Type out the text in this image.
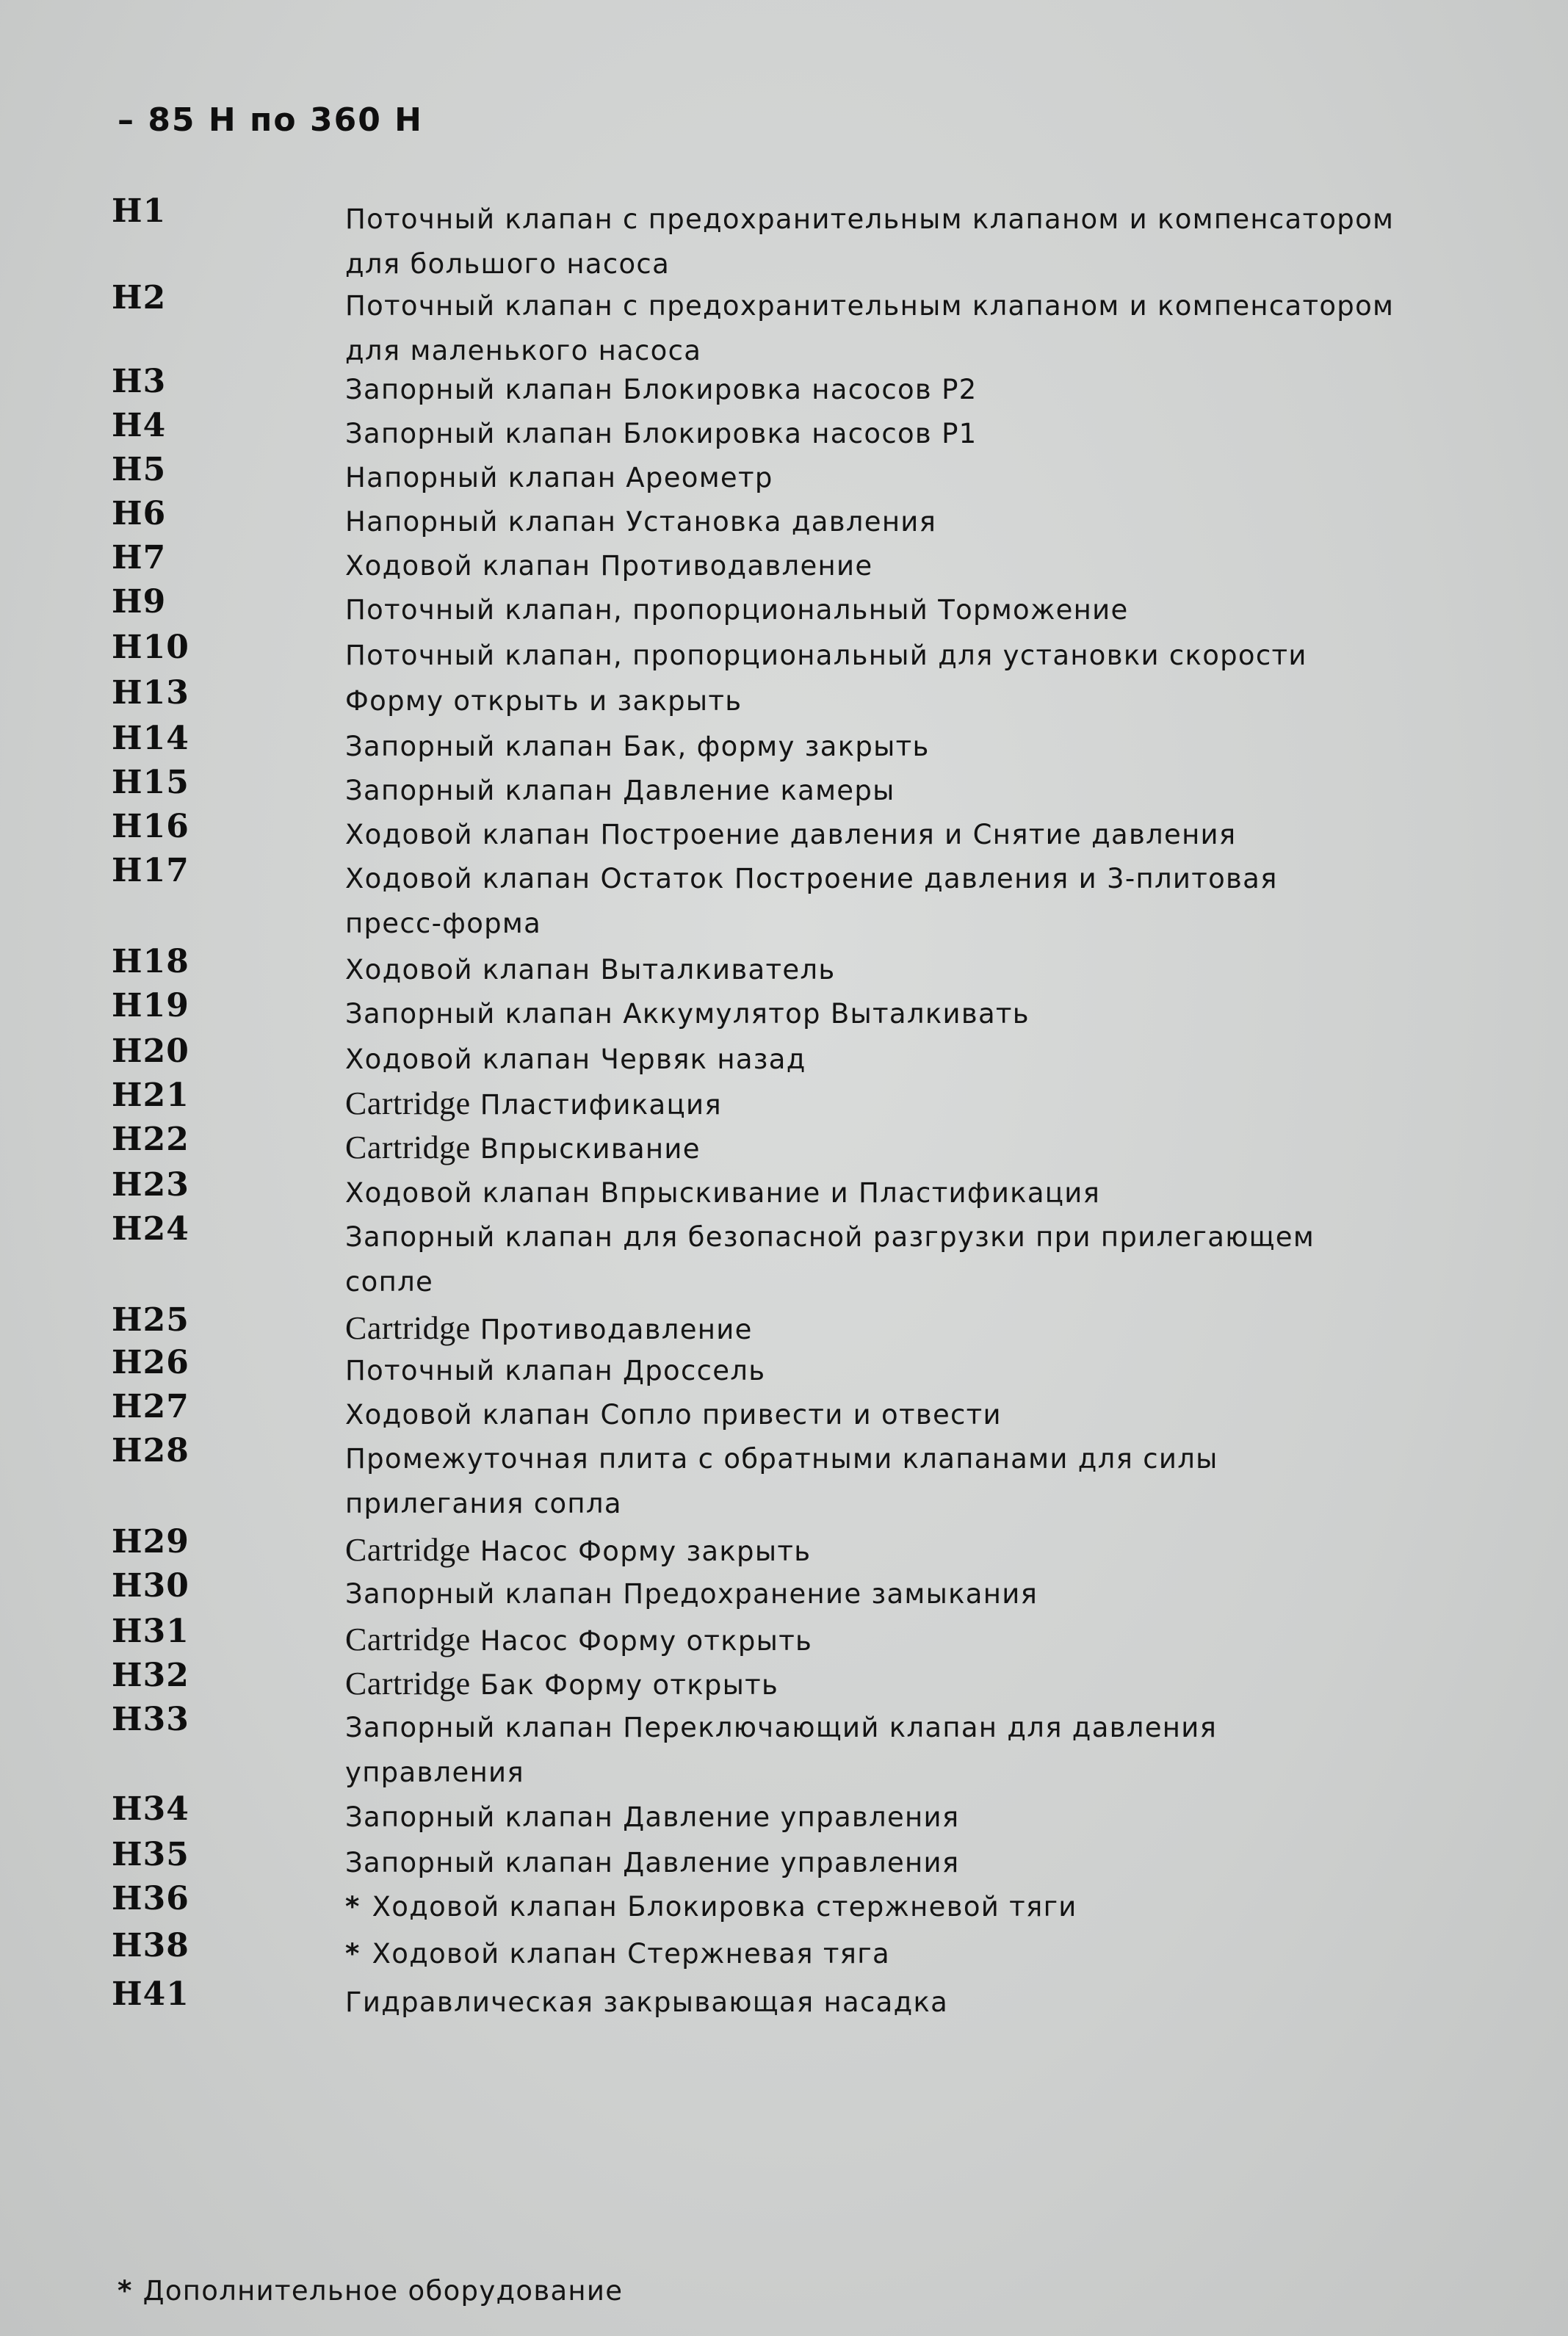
– 85 H по 360 H
H1	Поточный клапан с предохранительным клапаном и компенсатором
для большого насоса
H2	Поточный клапан с предохранительным клапаном и компенсатором
для маленького насоса
H3	Запорный клапан Блокировка насосов Р2
H4	Запорный клапан Блокировка насосов Р1
H5	Напорный клапан Ареометр
H6	Напорный клапан Установка давления
H7	Ходовой клапан Противодавление
H9	Поточный клапан, пропорциональный Торможение
H10	Поточный клапан, пропорциональный для установки скорости
H13	Форму открыть и закрыть
H14	Запорный клапан Бак, форму закрыть
H15	Запорный клапан Давление камеры
H16	Ходовой клапан Построение давления и Снятие давления
H17	Ходовой клапан Остаток Построение давления и 3-плитовая
пресс-форма
H18	Ходовой клапан Выталкиватель
H19	Запорный клапан Аккумулятор Выталкивать
H20	Ходовой клапан Червяк назад
H21	Cartridge Пластификация
H22	Cartridge Впрыскивание
H23	Ходовой клапан Впрыскивание и Пластификация
H24	Запорный клапан для безопасной разгрузки при прилегающем
сопле
H25	Cartridge Противодавление
H26	Поточный клапан Дроссель
H27	Ходовой клапан Сопло привести и отвести
H28	Промежуточная плита с обратными клапанами для силы
прилегания сопла
H29	Cartridge Насос Форму закрыть
H30	Запорный клапан Предохранение замыкания
H31	Cartridge Насос Форму открыть
H32	Cartridge Бак Форму открыть
H33	Запорный клапан Переключающий клапан для давления
управления
H34	Запорный клапан Давление управления
H35	Запорный клапан Давление управления
H36	* Ходовой клапан Блокировка стержневой тяги
H38	* Ходовой клапан Стержневая тяга
H41	Гидравлическая закрывающая насадка
* Дополнительное оборудование
